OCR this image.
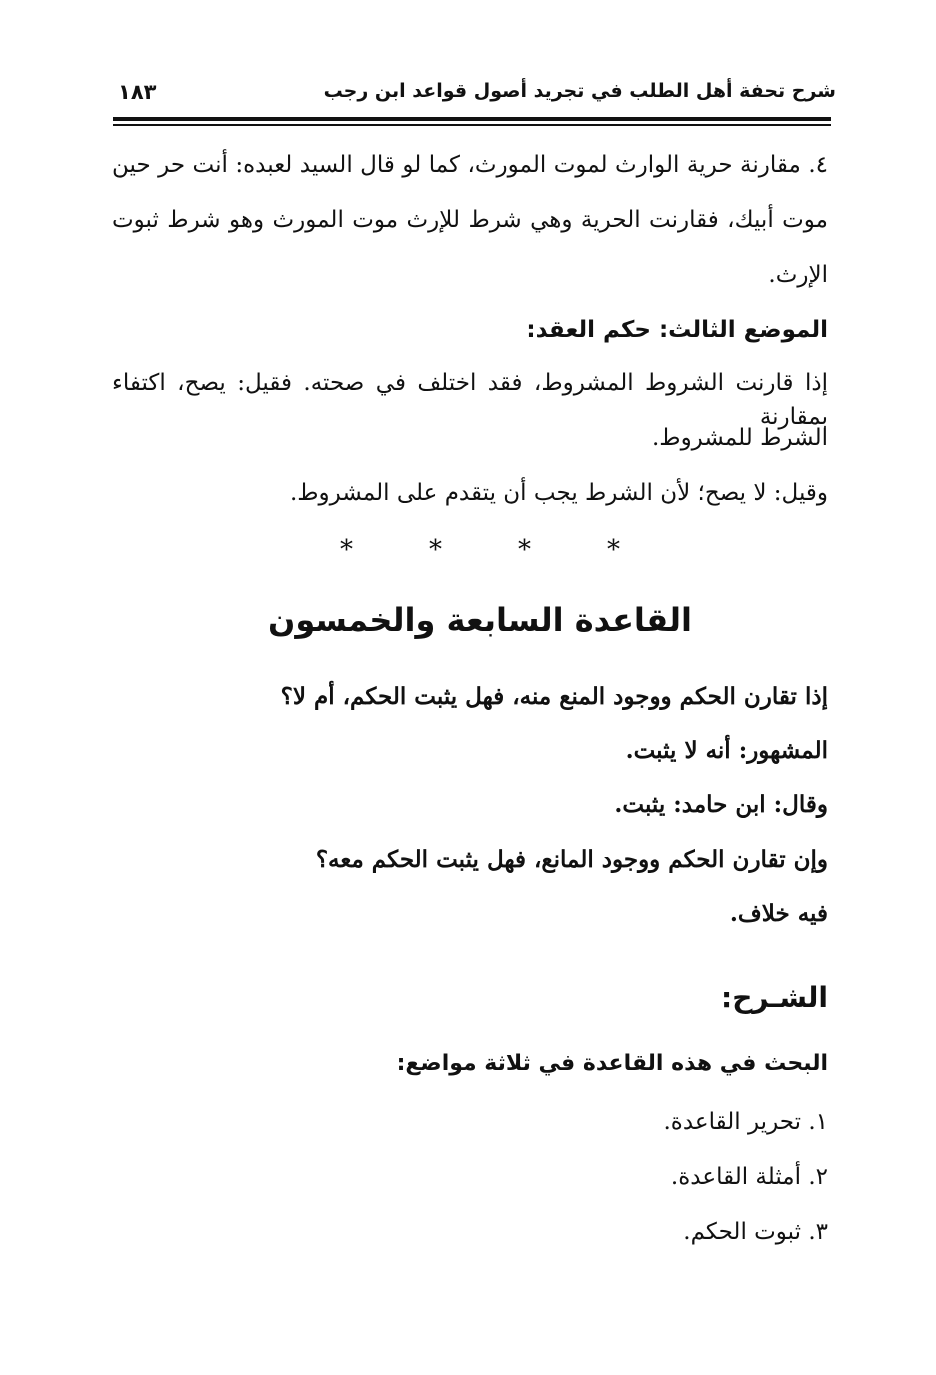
شرح تحفة أهل الطلب في تجريد أصول قواعد ابن رجب
١٨٣
٤. مقارنة حرية الوارث لموت المورث، كما لو قال السيد لعبده: أنت حر حين
موت أبيك، فقارنت الحرية وهي شرط للإرث موت المورث وهو شرط ثبوت
الإرث.
الموضع الثالث: حكم العقد:
إذا قارنت الشروط المشروط، فقد اختلف في صحته. فقيل: يصح، اكتفاء بمقارنة
الشرط للمشروط.
وقيل: لا يصح؛ لأن الشرط يجب أن يتقدم على المشروط.
*
*
*
*
القاعدة السابعة والخمسون
إذا تقارن الحكم ووجود المنع منه، فهل يثبت الحكم، أم لا؟
المشهور: أنه لا يثبت.
وقال: ابن حامد: يثبت.
وإن تقارن الحكم ووجود المانع، فهل يثبت الحكم معه؟
فيه خلاف.
الشـرح:
البحث في هذه القاعدة في ثلاثة مواضع:
١. تحرير القاعدة.
٢. أمثلة القاعدة.
٣. ثبوت الحكم.
